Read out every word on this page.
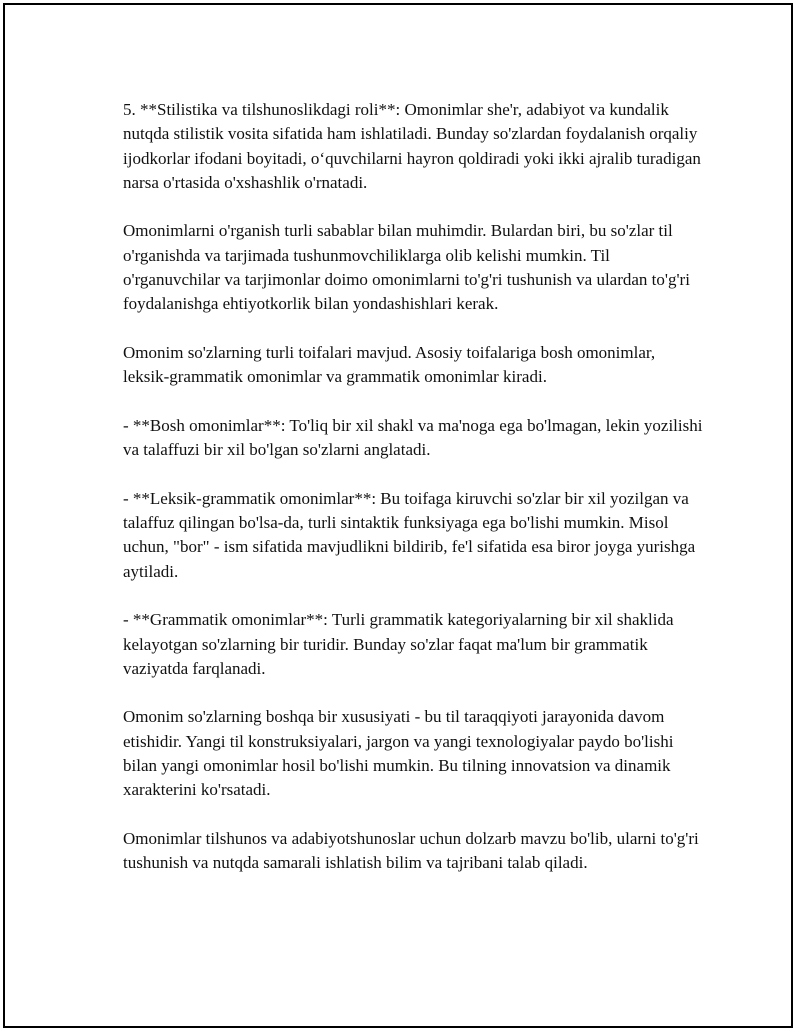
5. **Stilistika va tilshunoslikdagi roli**: Omonimlar she'r, adabiyot va kundalik nutqda stilistik vosita sifatida ham ishlatiladi. Bunday so'zlardan foydalanish orqaliy ijodkorlar ifodani boyitadi, o‘quvchilarni hayron qoldiradi yoki ikki ajralib turadigan narsa o'rtasida o'xshashlik o'rnatadi.

Omonimlarni o'rganish turli sabablar bilan muhimdir. Bulardan biri, bu so'zlar til o'rganishda va tarjimada tushunmovchiliklarga olib kelishi mumkin. Til o'rganuvchilar va tarjimonlar doimo omonimlarni to'g'ri tushunish va ulardan to'g'ri foydalanishga ehtiyotkorlik bilan yondashishlari kerak.

Omonim so'zlarning turli toifalari mavjud. Asosiy toifalariga bosh omonimlar, leksik-grammatik omonimlar va grammatik omonimlar kiradi.

- **Bosh omonimlar**: To'liq bir xil shakl va ma'noga ega bo'lmagan, lekin yozilishi va talaffuzi bir xil bo'lgan so'zlarni anglatadi.

- **Leksik-grammatik omonimlar**: Bu toifaga kiruvchi so'zlar bir xil yozilgan va talaffuz qilingan bo'lsa-da, turli sintaktik funksiyaga ega bo'lishi mumkin. Misol uchun, "bor" - ism sifatida mavjudlikni bildirib, fe'l sifatida esa biror joyga yurishga aytiladi.

- **Grammatik omonimlar**: Turli grammatik kategoriyalarning bir xil shaklida kelayotgan so'zlarning bir turidir. Bunday so'zlar faqat ma'lum bir grammatik vaziyatda farqlanadi.

Omonim so'zlarning boshqa bir xususiyati - bu til taraqqiyoti jarayonida davom etishidir. Yangi til konstruksiyalari, jargon va yangi texnologiyalar paydo bo'lishi bilan yangi omonimlar hosil bo'lishi mumkin. Bu tilning innovatsion va dinamik xarakterini ko'rsatadi.

Omonimlar tilshunos va adabiyotshunoslar uchun dolzarb mavzu bo'lib, ularni to'g'ri tushunish va nutqda samarali ishlatish bilim va tajribani talab qiladi.
